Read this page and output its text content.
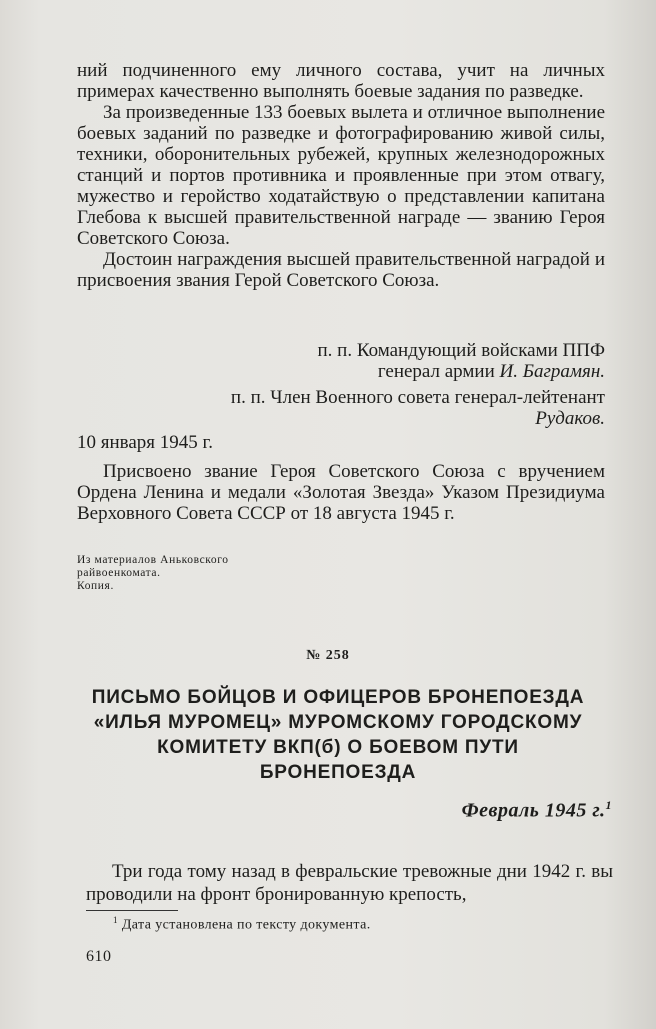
ний подчиненного ему личного состава, учит на личных примерах качественно выполнять боевые задания по разведке.

За произведенные 133 боевых вылета и отличное выполнение боевых заданий по разведке и фотографированию живой силы, техники, оборонительных рубежей, крупных железнодорожных станций и портов противника и проявленные при этом отвагу, мужество и геройство ходатайствую о представлении капитана Глебова к высшей правительственной награде — званию Героя Советского Союза.

Достоин награждения высшей правительственной наградой и присвоения звания Герой Советского Союза.

п. п. Командующий войсками ППФ

генерал армии И. Баграмян.

п. п. Член Военного совета генерал-лейтенант

Рудаков.

10 января 1945 г.

Присвоено звание Героя Советского Союза с вручением Ордена Ленина и медали «Золотая Звезда» Указом Президиума Верховного Совета СССР от 18 августа 1945 г.

Из материалов Аньковского

райвоенкомата.

Копия.

№ 258
ПИСЬМО БОЙЦОВ И ОФИЦЕРОВ БРОНЕПОЕЗДА
«ИЛЬЯ МУРОМЕЦ» МУРОМСКОМУ ГОРОДСКОМУ
КОМИТЕТУ ВКП(б) О БОЕВОМ ПУТИ
БРОНЕПОЕЗДА
Февраль 1945 г.$^1$

Три года тому назад в февральские тревожные дни 1942 г. вы проводили на фронт бронированную крепость,

$^1$ Дата установлена по тексту документа.
610
